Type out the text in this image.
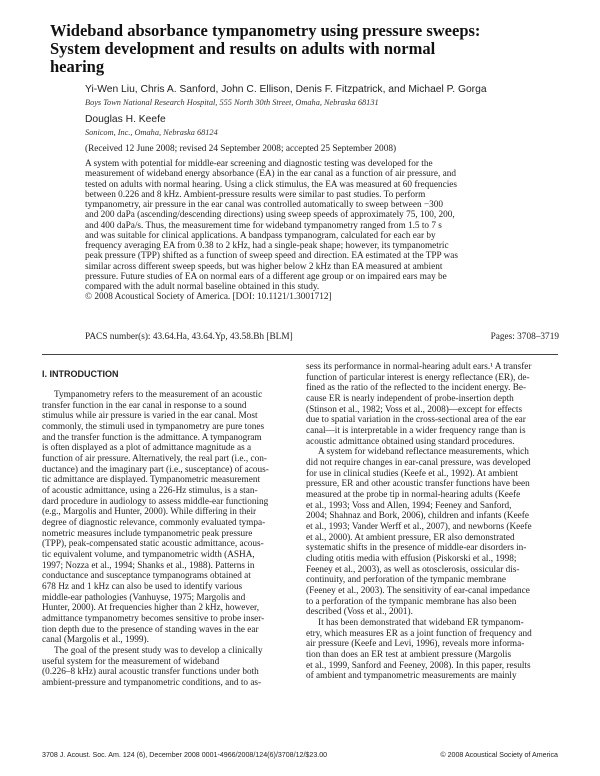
Wideband absorbance tympanometry using pressure sweeps:
System development and results on adults with normal
hearing
Yi-Wen Liu, Chris A. Sanford, John C. Ellison, Denis F. Fitzpatrick, and Michael P. Gorga
Boys Town National Research Hospital, 555 North 30th Street, Omaha, Nebraska 68131
Douglas H. Keefe
Sonicom, Inc., Omaha, Nebraska 68124
(Received 12 June 2008; revised 24 September 2008; accepted 25 September 2008)
A system with potential for middle-ear screening and diagnostic testing was developed for the
measurement of wideband energy absorbance (EA) in the ear canal as a function of air pressure, and
tested on adults with normal hearing. Using a click stimulus, the EA was measured at 60 frequencies
between 0.226 and 8 kHz. Ambient-pressure results were similar to past studies. To perform
tympanometry, air pressure in the ear canal was controlled automatically to sweep between −300
and 200 daPa (ascending/descending directions) using sweep speeds of approximately 75, 100, 200,
and 400 daPa/s. Thus, the measurement time for wideband tympanometry ranged from 1.5 to 7 s
and was suitable for clinical applications. A bandpass tympanogram, calculated for each ear by
frequency averaging EA from 0.38 to 2 kHz, had a single-peak shape; however, its tympanometric
peak pressure (TPP) shifted as a function of sweep speed and direction. EA estimated at the TPP was
similar across different sweep speeds, but was higher below 2 kHz than EA measured at ambient
pressure. Future studies of EA on normal ears of a different age group or on impaired ears may be
compared with the adult normal baseline obtained in this study.
© 2008 Acoustical Society of America. [DOI: 10.1121/1.3001712]
PACS number(s): 43.64.Ha, 43.64.Yp, 43.58.Bh [BLM]	Pages: 3708–3719
I. INTRODUCTION
Tympanometry refers to the measurement of an acoustic
transfer function in the ear canal in response to a sound
stimulus while air pressure is varied in the ear canal. Most
commonly, the stimuli used in tympanometry are pure tones
and the transfer function is the admittance. A tympanogram
is often displayed as a plot of admittance magnitude as a
function of air pressure. Alternatively, the real part (i.e., con-
ductance) and the imaginary part (i.e., susceptance) of acous-
tic admittance are displayed. Tympanometric measurement
of acoustic admittance, using a 226-Hz stimulus, is a stan-
dard procedure in audiology to assess middle-ear functioning
(e.g., Margolis and Hunter, 2000). While differing in their
degree of diagnostic relevance, commonly evaluated tympa-
nometric measures include tympanometric peak pressure
(TPP), peak-compensated static acoustic admittance, acous-
tic equivalent volume, and tympanometric width (ASHA,
1997; Nozza et al., 1994; Shanks et al., 1988). Patterns in
conductance and susceptance tympanograms obtained at
678 Hz and 1 kHz can also be used to identify various
middle-ear pathologies (Vanhuyse, 1975; Margolis and
Hunter, 2000). At frequencies higher than 2 kHz, however,
admittance tympanometry becomes sensitive to probe inser-
tion depth due to the presence of standing waves in the ear
canal (Margolis et al., 1999).
The goal of the present study was to develop a clinically
useful system for the measurement of wideband
(0.226–8 kHz) aural acoustic transfer functions under both
ambient-pressure and tympanometric conditions, and to as-
sess its performance in normal-hearing adult ears.¹ A transfer
function of particular interest is energy reflectance (ER), de-
fined as the ratio of the reflected to the incident energy. Be-
cause ER is nearly independent of probe-insertion depth
(Stinson et al., 1982; Voss et al., 2008)—except for effects
due to spatial variation in the cross-sectional area of the ear
canal—it is interpretable in a wider frequency range than is
acoustic admittance obtained using standard procedures.
A system for wideband reflectance measurements, which
did not require changes in ear-canal pressure, was developed
for use in clinical studies (Keefe et al., 1992). At ambient
pressure, ER and other acoustic transfer functions have been
measured at the probe tip in normal-hearing adults (Keefe
et al., 1993; Voss and Allen, 1994; Feeney and Sanford,
2004; Shahnaz and Bork, 2006), children and infants (Keefe
et al., 1993; Vander Werff et al., 2007), and newborns (Keefe
et al., 2000). At ambient pressure, ER also demonstrated
systematic shifts in the presence of middle-ear disorders in-
cluding otitis media with effusion (Piskorski et al., 1998;
Feeney et al., 2003), as well as otosclerosis, ossicular dis-
continuity, and perforation of the tympanic membrane
(Feeney et al., 2003). The sensitivity of ear-canal impedance
to a perforation of the tympanic membrane has also been
described (Voss et al., 2001).
It has been demonstrated that wideband ER tympanom-
etry, which measures ER as a joint function of frequency and
air pressure (Keefe and Levi, 1996), reveals more informa-
tion than does an ER test at ambient pressure (Margolis
et al., 1999, Sanford and Feeney, 2008). In this paper, results
of ambient and tympanometric measurements are mainly
3708 J. Acoust. Soc. Am. 124 (6), December 2008 0001-4966/2008/124(6)/3708/12/$23.00	© 2008 Acoustical Society of America
